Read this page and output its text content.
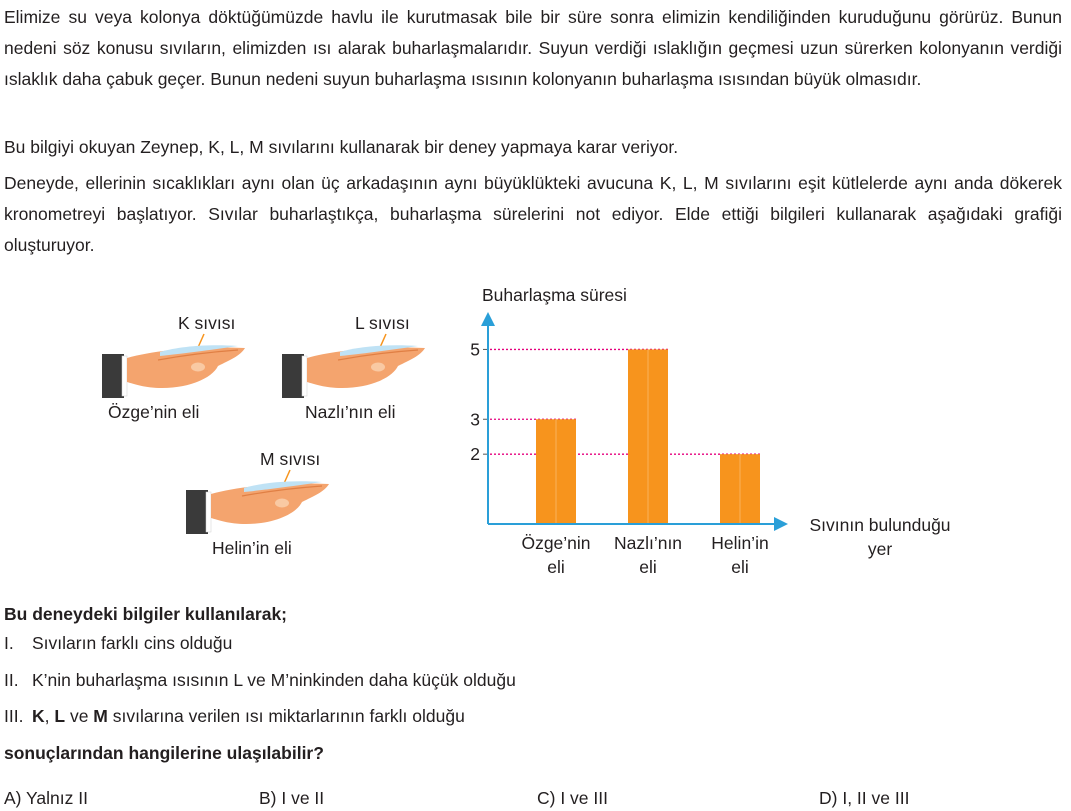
Elimize su veya kolonya döktüğümüzde havlu ile kurutmasak bile bir süre sonra elimizin kendiliğinden kuruduğunu görürüz. Bunun nedeni söz konusu sıvıların, elimizden ısı alarak buharlaşmalarıdır. Suyun verdiği ıslaklığın geçmesi uzun sürerken kolonyanın verdiği ıslaklık daha çabuk geçer. Bunun nedeni suyun buharlaşma ısısının kolonyanın buharlaşma ısısından büyük olmasıdır.

Bu bilgiyi okuyan Zeynep, K, L, M sıvılarını kullanarak bir deney yapmaya karar veriyor.

Deneyde, ellerinin sıcaklıkları aynı olan üç arkadaşının aynı büyüklükteki avucuna K, L, M sıvılarını eşit kütlelerde aynı anda dökerek kronometreyi başlatıyor. Sıvılar buharlaştıkça, buharlaşma sürelerini not ediyor. Elde ettiği bilgileri kullanarak aşağıdaki grafiği oluşturuyor.

K sıvısı
Özge’nin eli
L sıvısı
Nazlı’nın eli
M sıvısı
Helin’in eli
Buharlaşma süresi
2
3
5
Özge’nin
eli
Nazlı’nın
eli
Helin’in
eli
Sıvının bulunduğu
yer

Bu deneydeki bilgiler kullanılarak;

I. Sıvıların farklı cins olduğu

II. K’nin buharlaşma ısısının L ve M’ninkinden daha küçük olduğu

III. K, L ve M sıvılarına verilen ısı miktarlarının farklı olduğu

sonuçlarından hangilerine ulaşılabilir?

A) Yalnız II	B) I ve II	C) I ve III	D) I, II ve III
